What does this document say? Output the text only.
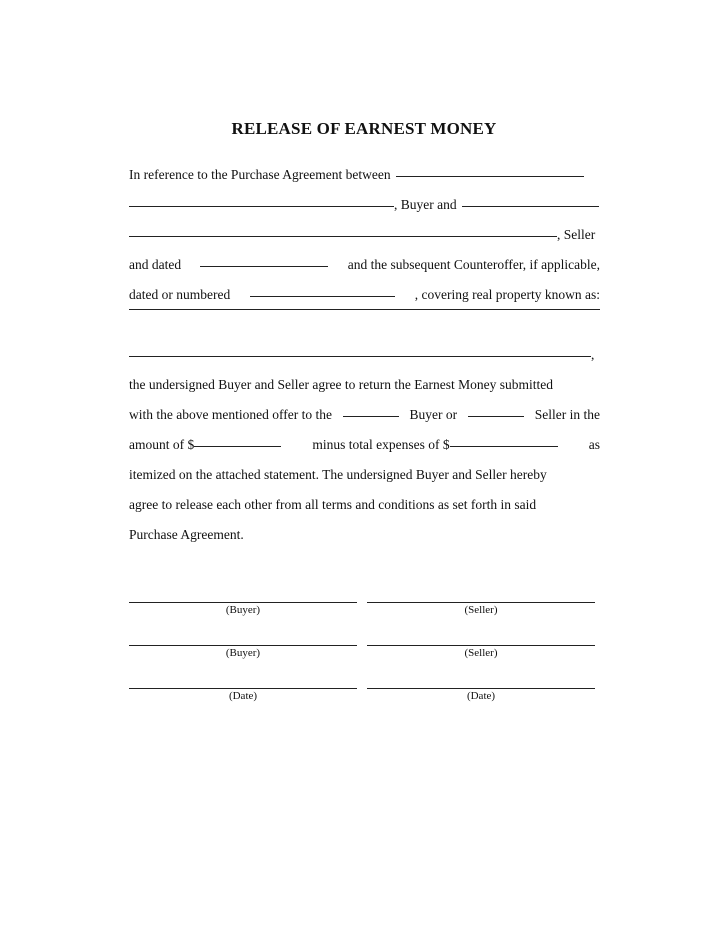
RELEASE OF EARNEST MONEY
In reference to the Purchase Agreement between
, Buyer and
, Seller
and dated	and the subsequent Counteroffer, if applicable,
dated or numbered	, covering real property known as:
,
the undersigned Buyer and Seller agree to return the Earnest Money submitted
with the above mentioned offer to the	Buyer or	Seller in the
amount of $	minus total expenses of $	as
itemized on the attached statement. The undersigned Buyer and Seller hereby
agree to release each other from all terms and conditions as set forth in said
Purchase Agreement.
(Buyer)	(Seller)
(Buyer)	(Seller)
(Date)	(Date)
